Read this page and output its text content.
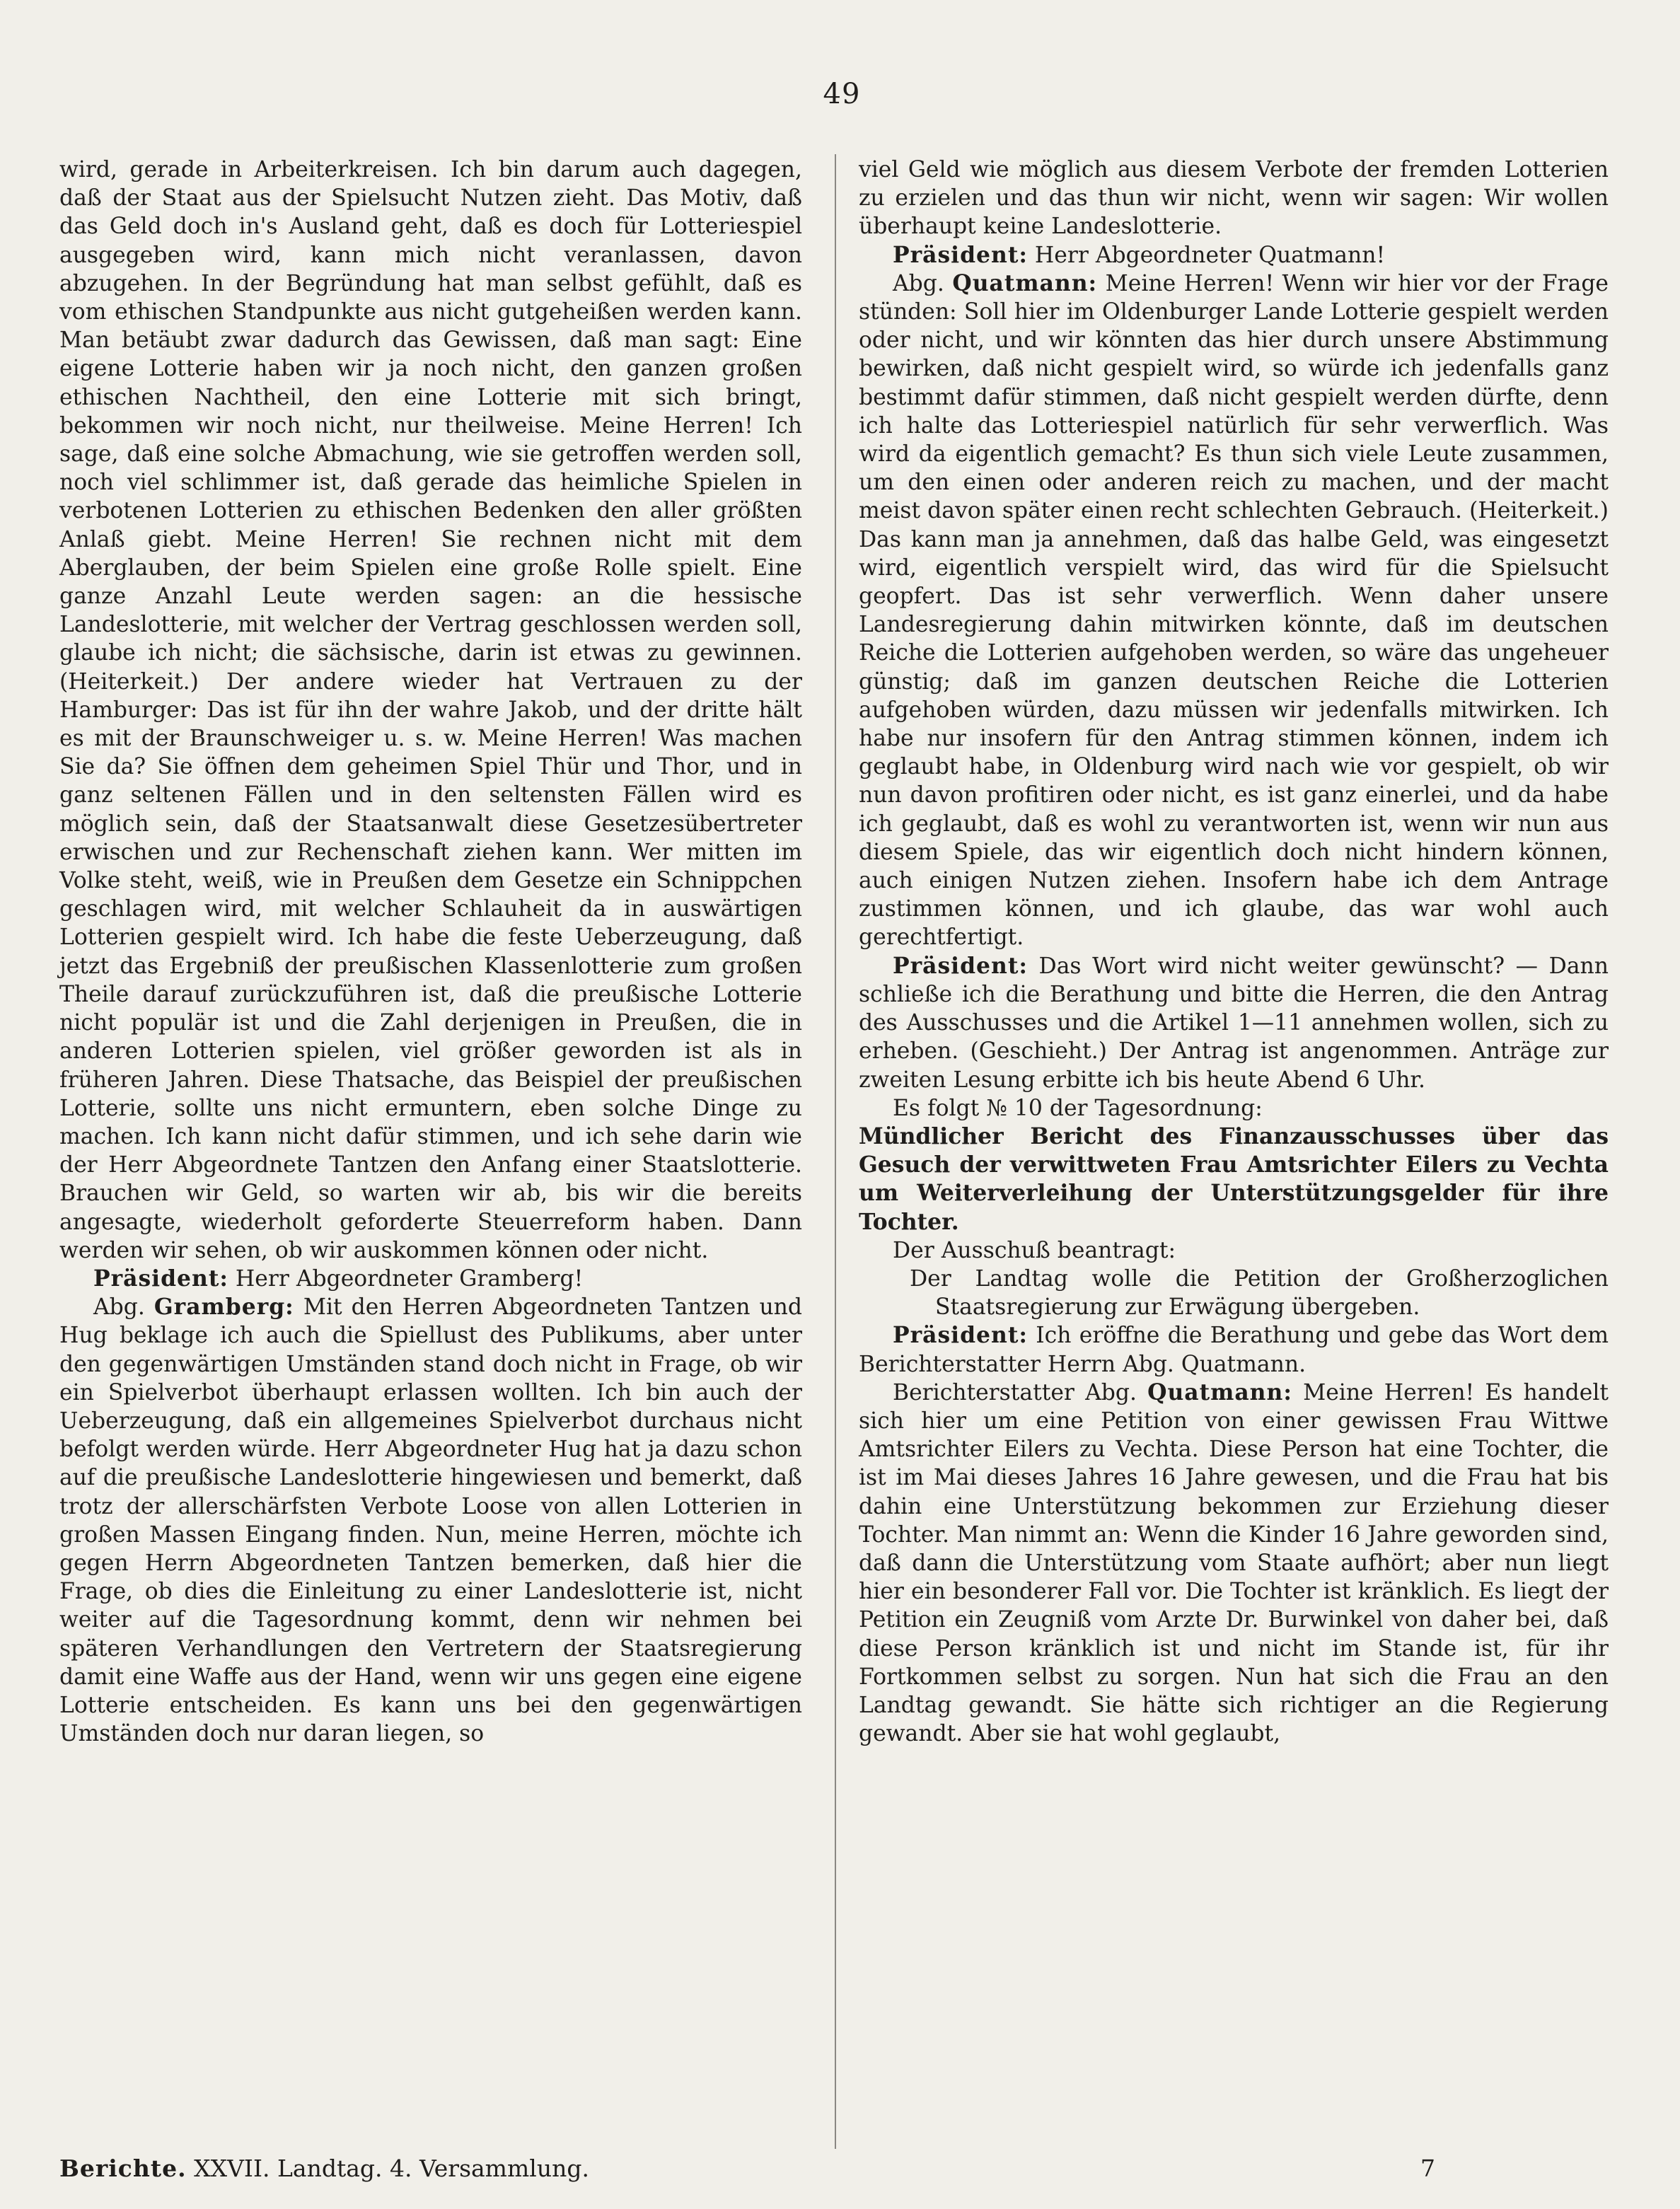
49

wird, gerade in Arbeiterkreisen. Ich bin darum auch dagegen, daß der Staat aus der Spielsucht Nutzen zieht. Das Motiv, daß das Geld doch in's Ausland geht, daß es doch für Lotteriespiel ausgegeben wird, kann mich nicht veranlassen, davon abzugehen. In der Begründung hat man selbst gefühlt, daß es vom ethischen Standpunkte aus nicht gutgeheißen werden kann. Man betäubt zwar dadurch das Gewissen, daß man sagt: Eine eigene Lotterie haben wir ja noch nicht, den ganzen großen ethischen Nachtheil, den eine Lotterie mit sich bringt, bekommen wir noch nicht, nur theilweise. Meine Herren! Ich sage, daß eine solche Abmachung, wie sie getroffen werden soll, noch viel schlimmer ist, daß gerade das heimliche Spielen in verbotenen Lotterien zu ethischen Bedenken den aller größten Anlaß giebt. Meine Herren! Sie rechnen nicht mit dem Aberglauben, der beim Spielen eine große Rolle spielt. Eine ganze Anzahl Leute werden sagen: an die hessische Landeslotterie, mit welcher der Vertrag geschlossen werden soll, glaube ich nicht; die sächsische, darin ist etwas zu gewinnen. (Heiterkeit.) Der andere wieder hat Vertrauen zu der Hamburger: Das ist für ihn der wahre Jakob, und der dritte hält es mit der Braunschweiger u. s. w. Meine Herren! Was machen Sie da? Sie öffnen dem geheimen Spiel Thür und Thor, und in ganz seltenen Fällen und in den seltensten Fällen wird es möglich sein, daß der Staatsanwalt diese Gesetzesübertreter erwischen und zur Rechenschaft ziehen kann. Wer mitten im Volke steht, weiß, wie in Preußen dem Gesetze ein Schnippchen geschlagen wird, mit welcher Schlauheit da in auswärtigen Lotterien gespielt wird. Ich habe die feste Ueberzeugung, daß jetzt das Ergebniß der preußischen Klassenlotterie zum großen Theile darauf zurückzuführen ist, daß die preußische Lotterie nicht populär ist und die Zahl derjenigen in Preußen, die in anderen Lotterien spielen, viel größer geworden ist als in früheren Jahren. Diese Thatsache, das Beispiel der preußischen Lotterie, sollte uns nicht ermuntern, eben solche Dinge zu machen. Ich kann nicht dafür stimmen, und ich sehe darin wie der Herr Abgeordnete Tantzen den Anfang einer Staatslotterie. Brauchen wir Geld, so warten wir ab, bis wir die bereits angesagte, wiederholt geforderte Steuerreform haben. Dann werden wir sehen, ob wir auskommen können oder nicht.

Präsident: Herr Abgeordneter Gramberg!

Abg. Gramberg: Mit den Herren Abgeordneten Tantzen und Hug beklage ich auch die Spiellust des Publikums, aber unter den gegenwärtigen Umständen stand doch nicht in Frage, ob wir ein Spielverbot überhaupt erlassen wollten. Ich bin auch der Ueberzeugung, daß ein allgemeines Spielverbot durchaus nicht befolgt werden würde. Herr Abgeordneter Hug hat ja dazu schon auf die preußische Landeslotterie hingewiesen und bemerkt, daß trotz der allerschärfsten Verbote Loose von allen Lotterien in großen Massen Eingang finden. Nun, meine Herren, möchte ich gegen Herrn Abgeordneten Tantzen bemerken, daß hier die Frage, ob dies die Einleitung zu einer Landeslotterie ist, nicht weiter auf die Tagesordnung kommt, denn wir nehmen bei späteren Verhandlungen den Vertretern der Staatsregierung damit eine Waffe aus der Hand, wenn wir uns gegen eine eigene Lotterie entscheiden. Es kann uns bei den gegenwärtigen Umständen doch nur daran liegen, so

viel Geld wie möglich aus diesem Verbote der fremden Lotterien zu erzielen und das thun wir nicht, wenn wir sagen: Wir wollen überhaupt keine Landeslotterie.

Präsident: Herr Abgeordneter Quatmann!

Abg. Quatmann: Meine Herren! Wenn wir hier vor der Frage stünden: Soll hier im Oldenburger Lande Lotterie gespielt werden oder nicht, und wir könnten das hier durch unsere Abstimmung bewirken, daß nicht gespielt wird, so würde ich jedenfalls ganz bestimmt dafür stimmen, daß nicht gespielt werden dürfte, denn ich halte das Lotteriespiel natürlich für sehr verwerflich. Was wird da eigentlich gemacht? Es thun sich viele Leute zusammen, um den einen oder anderen reich zu machen, und der macht meist davon später einen recht schlechten Gebrauch. (Heiterkeit.) Das kann man ja annehmen, daß das halbe Geld, was eingesetzt wird, eigentlich verspielt wird, das wird für die Spielsucht geopfert. Das ist sehr verwerflich. Wenn daher unsere Landesregierung dahin mitwirken könnte, daß im deutschen Reiche die Lotterien aufgehoben werden, so wäre das ungeheuer günstig; daß im ganzen deutschen Reiche die Lotterien aufgehoben würden, dazu müssen wir jedenfalls mitwirken. Ich habe nur insofern für den Antrag stimmen können, indem ich geglaubt habe, in Oldenburg wird nach wie vor gespielt, ob wir nun davon profitiren oder nicht, es ist ganz einerlei, und da habe ich geglaubt, daß es wohl zu verantworten ist, wenn wir nun aus diesem Spiele, das wir eigentlich doch nicht hindern können, auch einigen Nutzen ziehen. Insofern habe ich dem Antrage zustimmen können, und ich glaube, das war wohl auch gerechtfertigt.

Präsident: Das Wort wird nicht weiter gewünscht? — Dann schließe ich die Berathung und bitte die Herren, die den Antrag des Ausschusses und die Artikel 1—11 annehmen wollen, sich zu erheben. (Geschieht.) Der Antrag ist angenommen. Anträge zur zweiten Lesung erbitte ich bis heute Abend 6 Uhr.

Es folgt № 10 der Tagesordnung:

Mündlicher Bericht des Finanzausschusses über das Gesuch der verwittweten Frau Amtsrichter Eilers zu Vechta um Weiterverleihung der Unterstützungsgelder für ihre Tochter.

Der Ausschuß beantragt:

Der Landtag wolle die Petition der Großherzoglichen Staatsregierung zur Erwägung übergeben.

Präsident: Ich eröffne die Berathung und gebe das Wort dem Berichterstatter Herrn Abg. Quatmann.

Berichterstatter Abg. Quatmann: Meine Herren! Es handelt sich hier um eine Petition von einer gewissen Frau Wittwe Amtsrichter Eilers zu Vechta. Diese Person hat eine Tochter, die ist im Mai dieses Jahres 16 Jahre gewesen, und die Frau hat bis dahin eine Unterstützung bekommen zur Erziehung dieser Tochter. Man nimmt an: Wenn die Kinder 16 Jahre geworden sind, daß dann die Unterstützung vom Staate aufhört; aber nun liegt hier ein besonderer Fall vor. Die Tochter ist kränklich. Es liegt der Petition ein Zeugniß vom Arzte Dr. Burwinkel von daher bei, daß diese Person kränklich ist und nicht im Stande ist, für ihr Fortkommen selbst zu sorgen. Nun hat sich die Frau an den Landtag gewandt. Sie hätte sich richtiger an die Regierung gewandt. Aber sie hat wohl geglaubt,

Berichte. XXVII. Landtag. 4. Versammlung.	7
